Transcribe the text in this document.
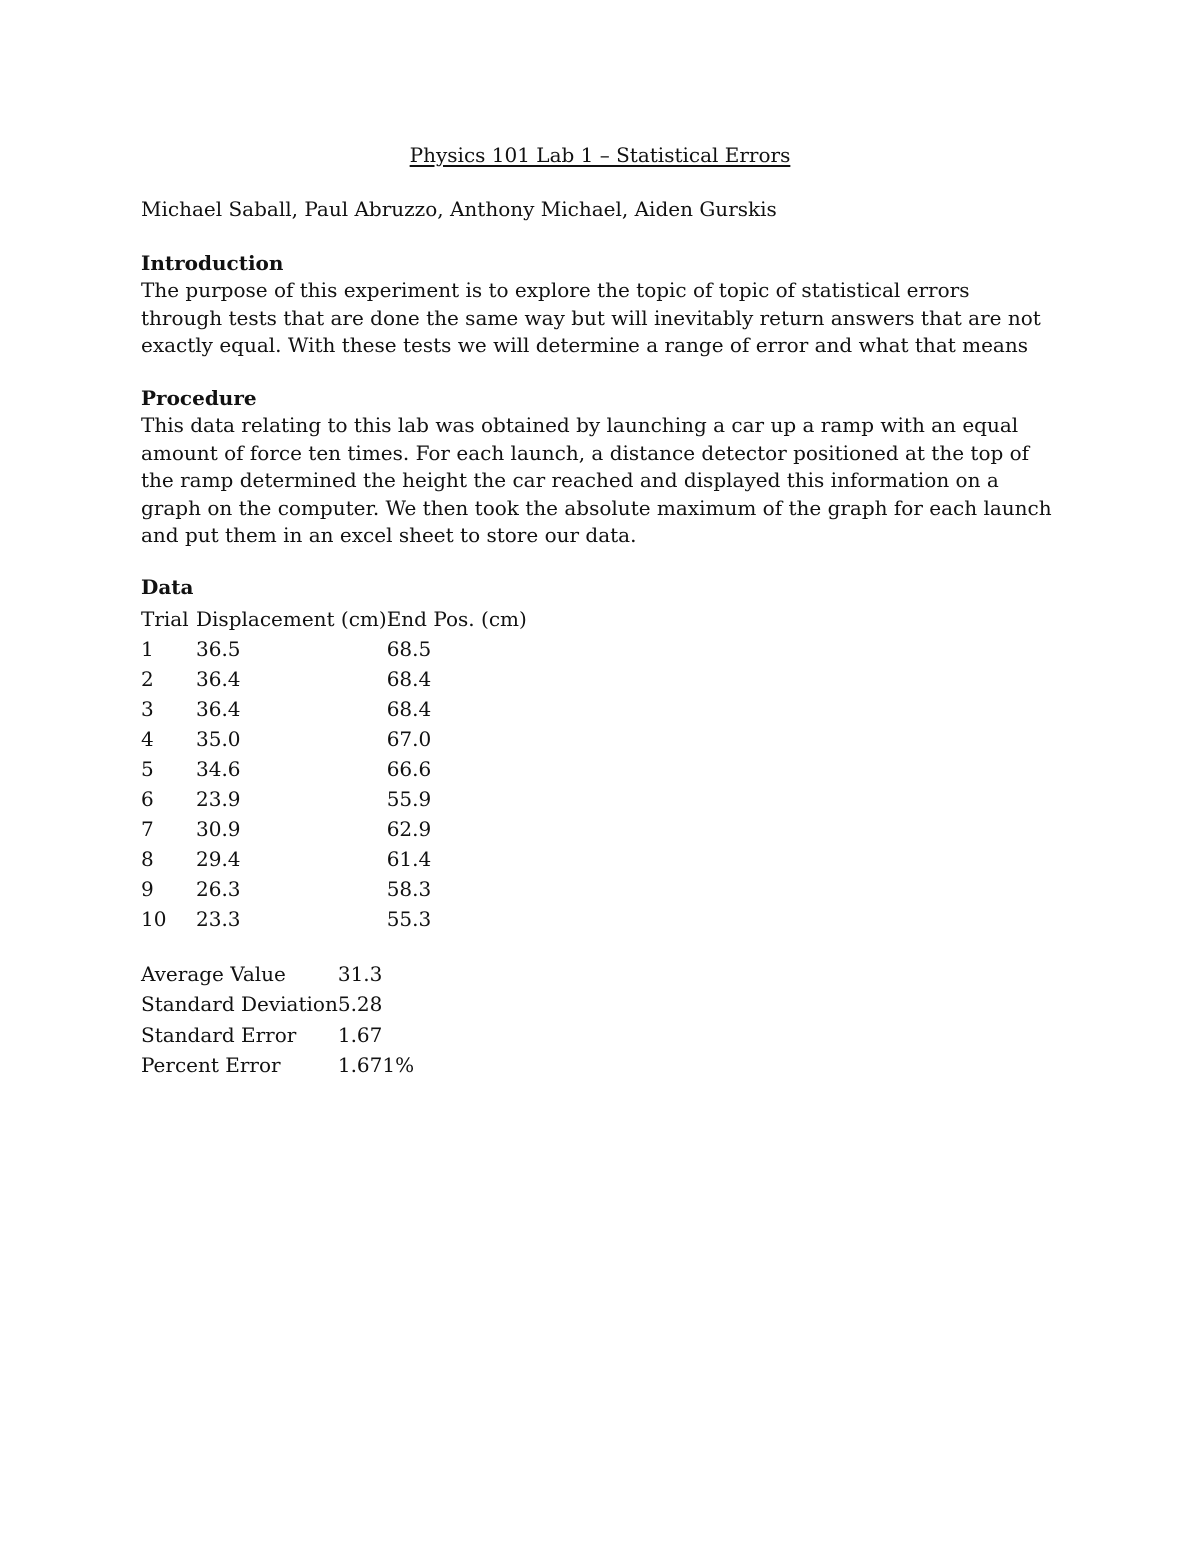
Physics 101 Lab 1 – Statistical Errors
Michael Saball, Paul Abruzzo, Anthony Michael, Aiden Gurskis
Introduction

The purpose of this experiment is to explore the topic of topic of statistical errors through tests that are done the same way but will inevitably return answers that are not exactly equal. With these tests we will determine a range of error and what that means

Procedure

This data relating to this lab was obtained by launching a car up a ramp with an equal amount of force ten times. For each launch, a distance detector positioned at the top of the ramp determined the height the car reached and displayed this information on a graph on the computer. We then took the absolute maximum of the graph for each launch and put them in an excel sheet to store our data.

Data
Trial	Displacement (cm)	End Pos. (cm)
1	36.5	68.5
2	36.4	68.4
3	36.4	68.4
4	35.0	67.0
5	34.6	66.6
6	23.9	55.9
7	30.9	62.9
8	29.4	61.4
9	26.3	58.3
10	23.3	55.3
Average Value	31.3
Standard Deviation	5.28
Standard Error	1.67
Percent Error	1.671%
